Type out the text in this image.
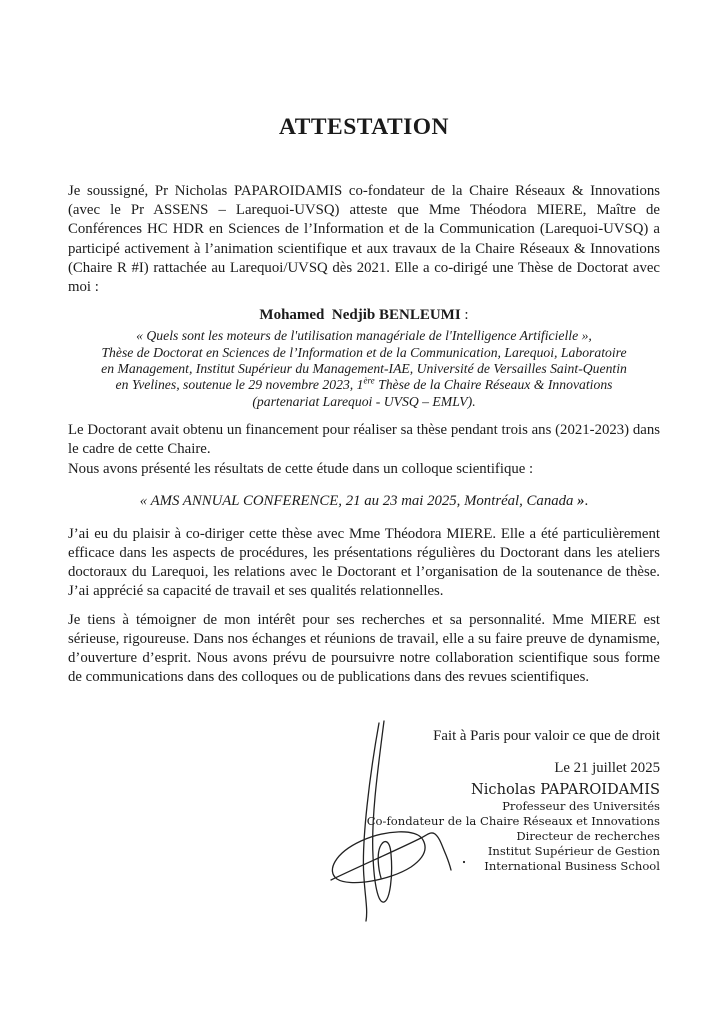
ATTESTATION
Je soussigné, Pr Nicholas PAPAROIDAMIS co-fondateur de la Chaire Réseaux & Innovations (avec le Pr ASSENS – Larequoi-UVSQ) atteste que Mme Théodora MIERE, Maître de Conférences HC HDR en Sciences de l’Information et de la Communication (Larequoi-UVSQ) a participé activement à l’animation scientifique et aux travaux de la Chaire Réseaux & Innovations (Chaire R #I) rattachée au Larequoi/UVSQ dès 2021. Elle a co-dirigé une Thèse de Doctorat avec moi :
Mohamed  Nedjib BENLEUMI :
« Quels sont les moteurs de l'utilisation managériale de l'Intelligence Artificielle »,
Thèse de Doctorat en Sciences de l’Information et de la Communication, Larequoi, Laboratoire
en Management, Institut Supérieur du Management-IAE, Université de Versailles Saint-Quentin
en Yvelines, soutenue le 29 novembre 2023, 1ère Thèse de la Chaire Réseaux & Innovations
(partenariat Larequoi - UVSQ – EMLV).
Le Doctorant avait obtenu un financement pour réaliser sa thèse pendant trois ans (2021-2023) dans le cadre de cette Chaire.
Nous avons présenté les résultats de cette étude dans un colloque scientifique :
« AMS ANNUAL CONFERENCE, 21 au 23 mai 2025, Montréal, Canada ».
J’ai eu du plaisir à co-diriger cette thèse avec Mme Théodora MIERE. Elle a été particulièrement efficace dans les aspects de procédures, les présentations régulières du Doctorant dans les ateliers doctoraux du Larequoi, les relations avec le Doctorant et l’organisation de la soutenance de thèse. J’ai apprécié sa capacité de travail et ses qualités relationnelles.
Je tiens à témoigner de mon intérêt pour ses recherches et sa personnalité. Mme MIERE est sérieuse, rigoureuse. Dans nos échanges et réunions de travail, elle a su faire preuve de dynamisme, d’ouverture d’esprit. Nous avons prévu de poursuivre notre collaboration scientifique sous forme de communications dans des colloques ou de publications dans des revues scientifiques.
Fait à Paris pour valoir ce que de droit
Le 21 juillet 2025
Nicholas PAPAROIDAMIS
Professeur des Universités
Co-fondateur de la Chaire Réseaux et Innovations
Directeur de recherches
Institut Supérieur de Gestion
International Business School
